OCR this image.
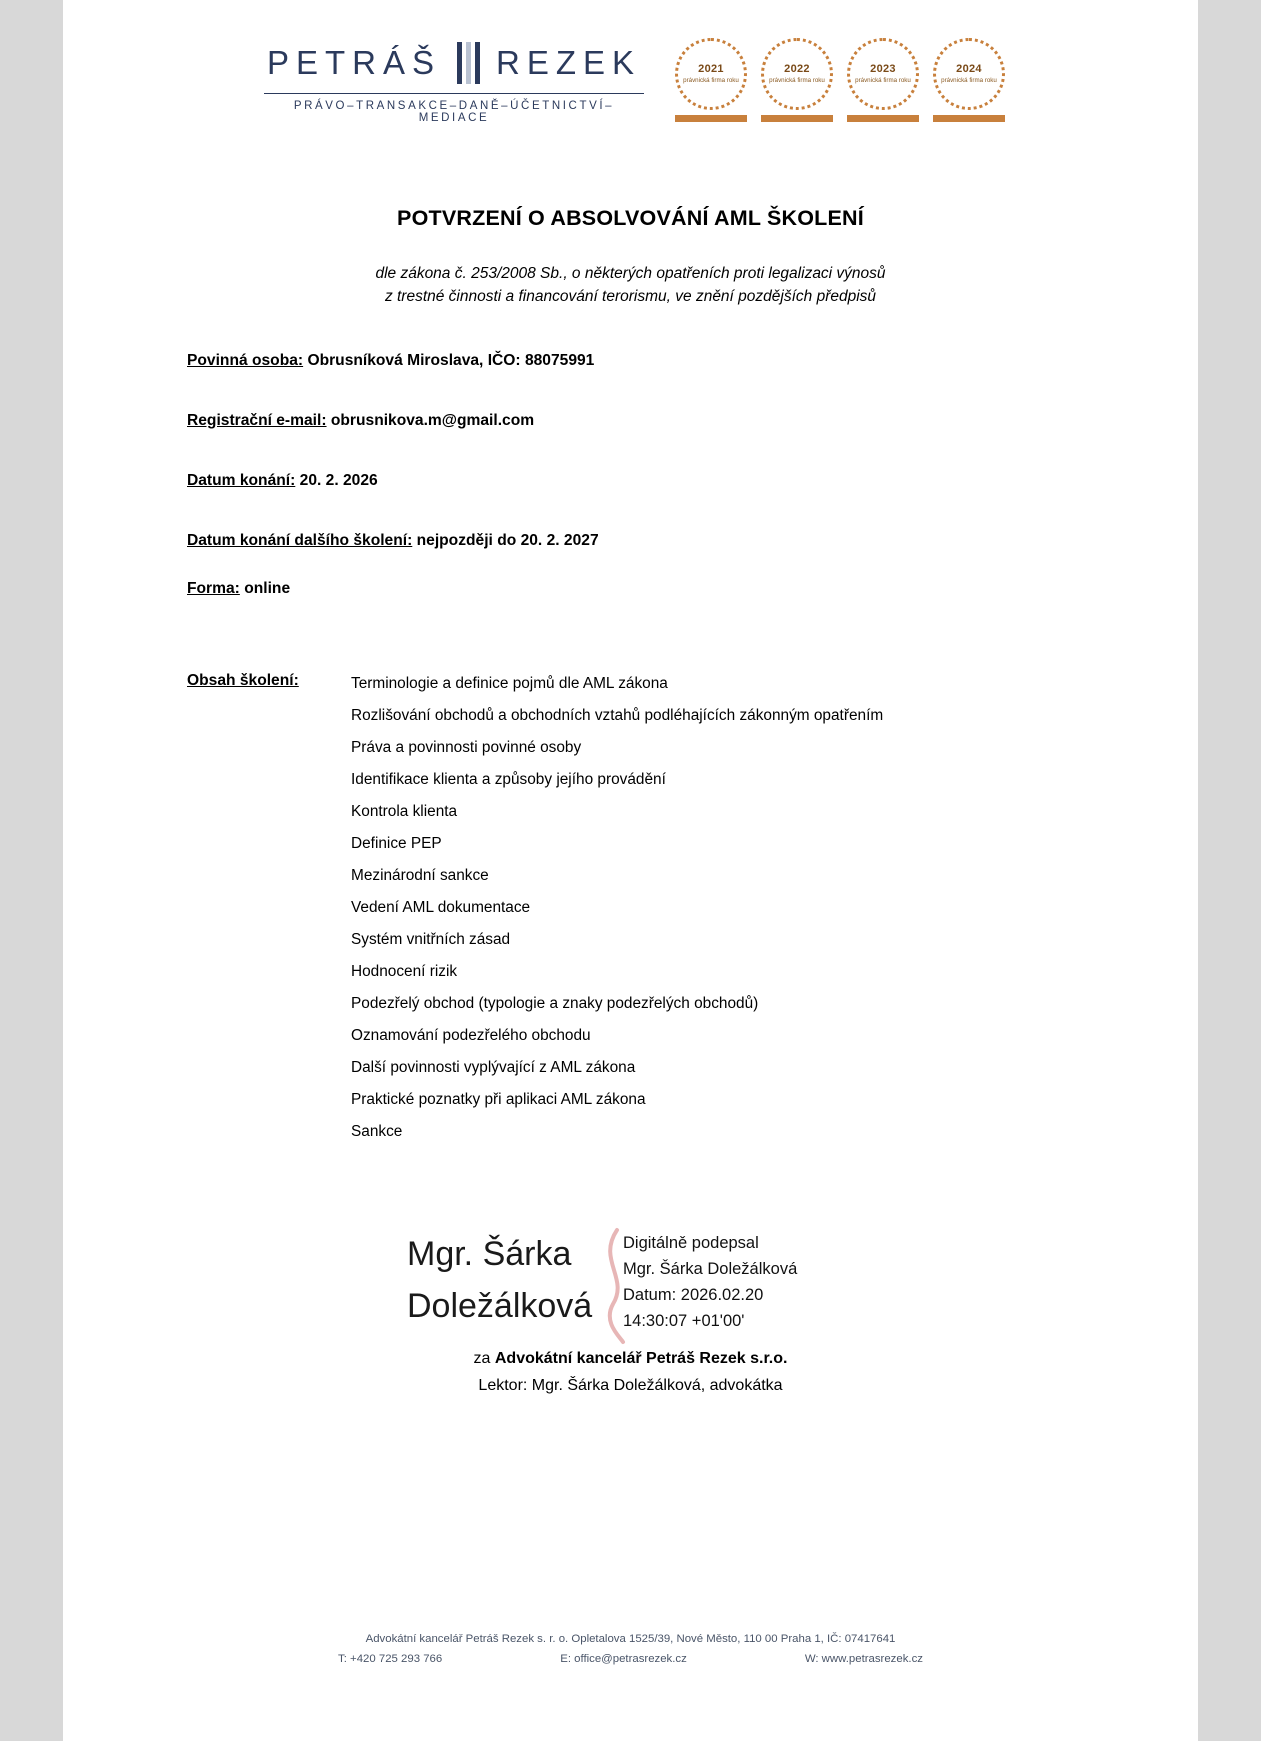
PETRÁŠ REZEK
PRÁVO–TRANSAKCE–DANĚ–ÚČETNICTVÍ–MEDIACE
2021
právnická firma roku
2022
právnická firma roku
2023
právnická firma roku
2024
právnická firma roku
POTVRZENÍ O ABSOLVOVÁNÍ AML ŠKOLENÍ
dle zákona č. 253/2008 Sb., o některých opatřeních proti legalizaci výnosů
z trestné činnosti a financování terorismu, ve znění pozdějších předpisů
Povinná osoba: Obrusníková Miroslava, IČO: 88075991
Registrační e-mail: obrusnikova.m@gmail.com
Datum konání: 20. 2. 2026
Datum konání dalšího školení: nejpozději do 20. 2. 2027
Forma: online
Obsah školení:	Terminologie a definice pojmů dle AML zákona
Rozlišování obchodů a obchodních vztahů podléhajících zákonným opatřením
Práva a povinnosti povinné osoby
Identifikace klienta a způsoby jejího provádění
Kontrola klienta
Definice PEP
Mezinárodní sankce
Vedení AML dokumentace
Systém vnitřních zásad
Hodnocení rizik
Podezřelý obchod (typologie a znaky podezřelých obchodů)
Oznamování podezřelého obchodu
Další povinnosti vyplývající z AML zákona
Praktické poznatky při aplikaci AML zákona
Sankce
Mgr. Šárka
Doležálková
Digitálně podepsal
Mgr. Šárka Doležálková
Datum: 2026.02.20
14:30:07 +01'00'
za Advokátní kancelář Petráš Rezek s.r.o.
Lektor: Mgr. Šárka Doležálková, advokátka
Advokátní kancelář Petráš Rezek s. r. o. Opletalova 1525/39, Nové Město, 110 00 Praha 1, IČ: 07417641
T: +420 725 293 766	E: office@petrasrezek.cz	W: www.petrasrezek.cz
